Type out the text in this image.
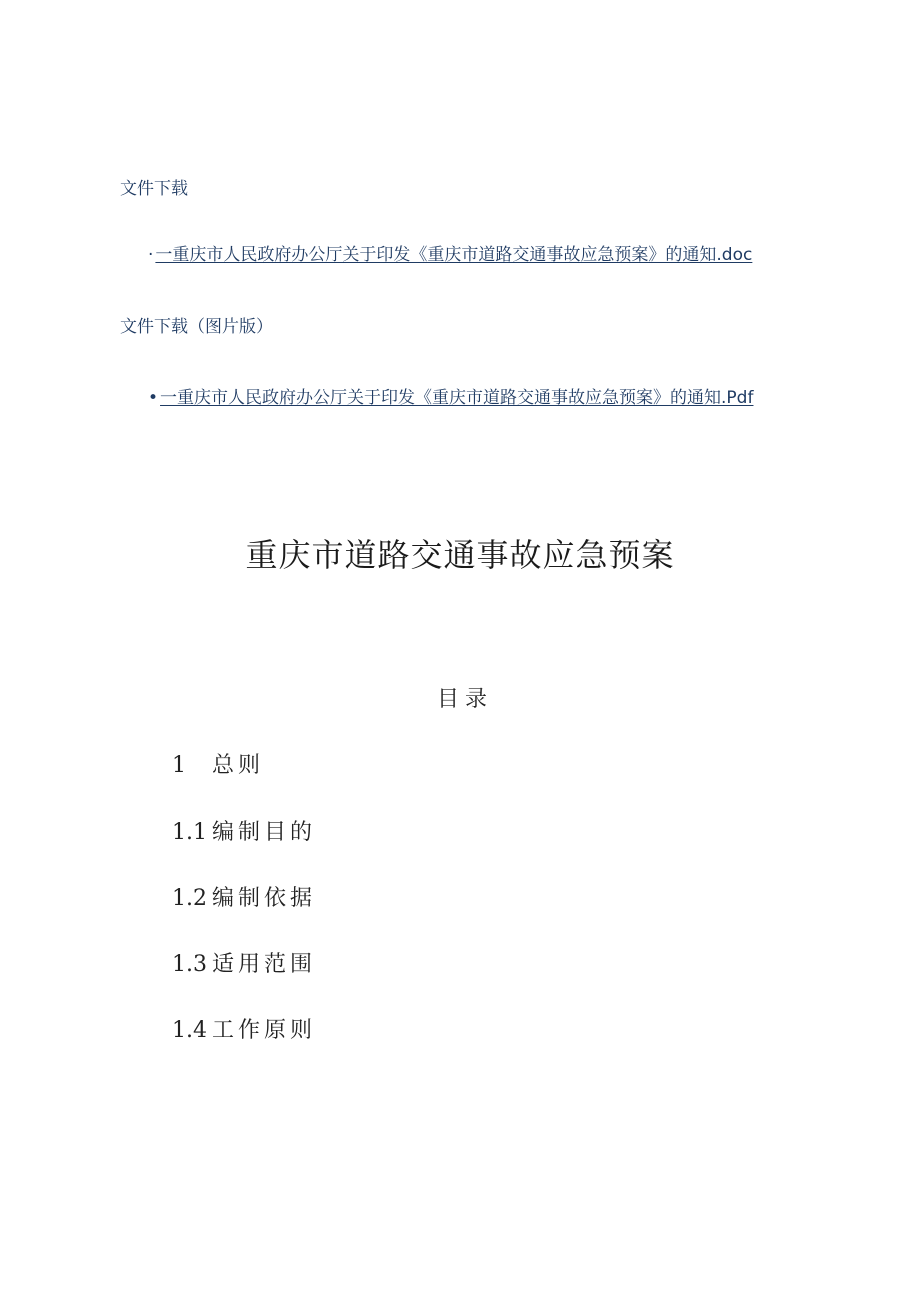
文件下载
· 一重庆市人民政府办公厅关于印发《重庆市道路交通事故应急预案》的通知.doc
文件下载（图片版）
• 一重庆市人民政府办公厅关于印发《重庆市道路交通事故应急预案》的通知.Pdf
重庆市道路交通事故应急预案
目录
1 总则
1.1 编制目的
1.2 编制依据
1.3 适用范围
1.4 工作原则
